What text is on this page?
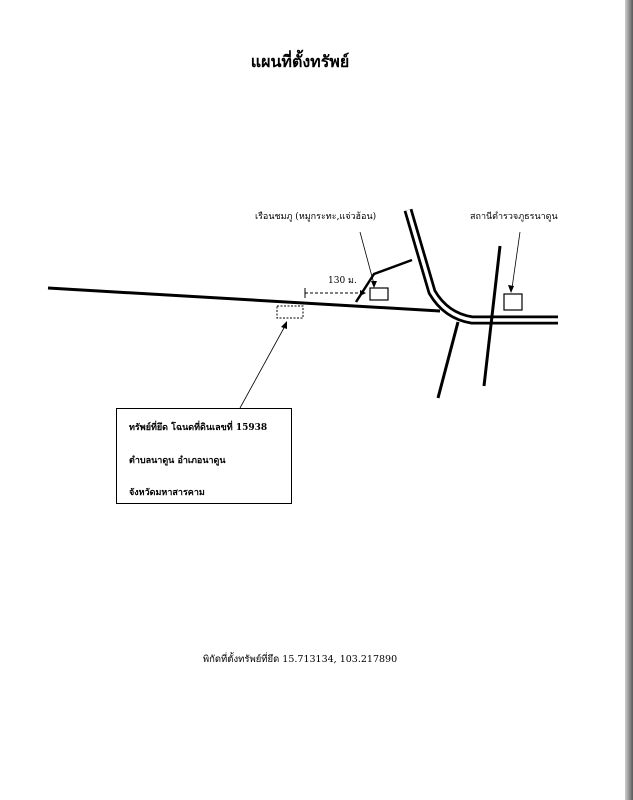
แผนที่ตั้งทรัพย์
เรือนชมภู (หมูกระทะ,แจ่วฮ้อน)	สถานีตำรวจภูธรนาดูน
130 ม.
ทรัพย์ที่ยึด โฉนดที่ดินเลขที่ 15938
ตำบลนาดูน อำเภอนาดูน
จังหวัดมหาสารคาม
พิกัดที่ตั้งทรัพย์ที่ยึด 15.713134, 103.217890
